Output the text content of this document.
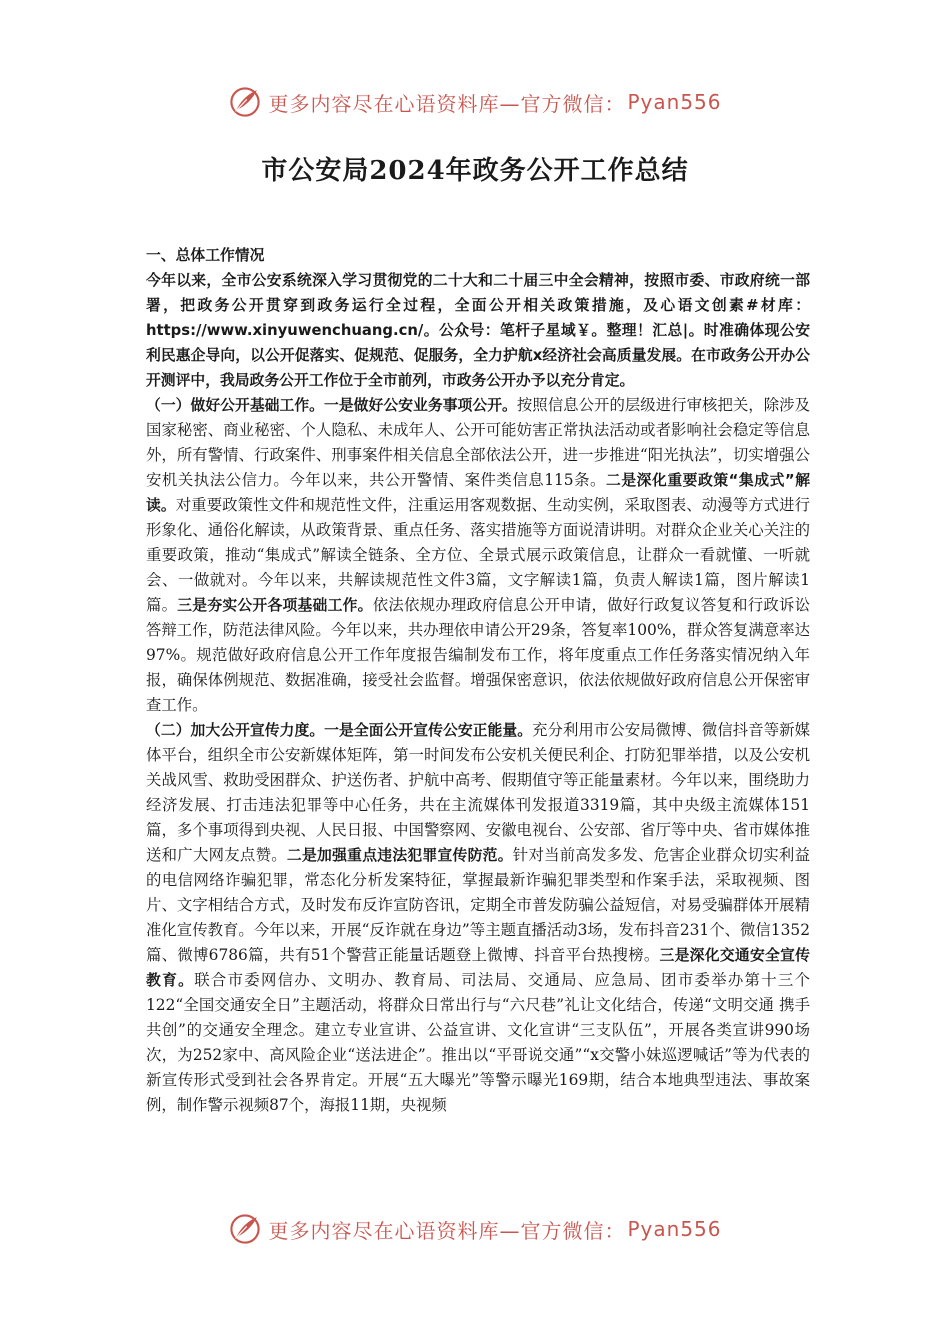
更多内容尽在心语资料库—官方微信： Pyan556
市公安局2024年政务公开工作总结

一、总体工作情况

今年以来，全市公安系统深入学习贯彻党的二十大和二十届三中全会精神，按照市委、市政府统一部署，把政务公开贯穿到政务运行全过程，全面公开相关政策措施，及心语文创素#材库：https://www.xinyuwenchuang.cn/。公众号：笔杆子星域￥。整理！汇总|。时准确体现公安利民惠企导向，以公开促落实、促规范、促服务，全力护航x经济社会高质量发展。在市政务公开办公开测评中，我局政务公开工作位于全市前列，市政务公开办予以充分肯定。

（一）做好公开基础工作。一是做好公安业务事项公开。按照信息公开的层级进行审核把关，除涉及国家秘密、商业秘密、个人隐私、未成年人、公开可能妨害正常执法活动或者影响社会稳定等信息外，所有警情、行政案件、刑事案件相关信息全部依法公开，进一步推进“阳光执法”，切实增强公安机关执法公信力。今年以来，共公开警情、案件类信息115条。二是深化重要政策“集成式”解读。对重要政策性文件和规范性文件，注重运用客观数据、生动实例，采取图表、动漫等方式进行形象化、通俗化解读，从政策背景、重点任务、落实措施等方面说清讲明。对群众企业关心关注的重要政策，推动“集成式”解读全链条、全方位、全景式展示政策信息，让群众一看就懂、一听就会、一做就对。今年以来，共解读规范性文件3篇，文字解读1篇，负责人解读1篇，图片解读1篇。三是夯实公开各项基础工作。依法依规办理政府信息公开申请，做好行政复议答复和行政诉讼答辩工作，防范法律风险。今年以来，共办理依申请公开29条，答复率100%，群众答复满意率达97%。规范做好政府信息公开工作年度报告编制发布工作，将年度重点工作任务落实情况纳入年报，确保体例规范、数据准确，接受社会监督。增强保密意识，依法依规做好政府信息公开保密审查工作。

（二）加大公开宣传力度。一是全面公开宣传公安正能量。充分利用市公安局微博、微信抖音等新媒体平台，组织全市公安新媒体矩阵，第一时间发布公安机关便民利企、打防犯罪举措，以及公安机关战风雪、救助受困群众、护送伤者、护航中高考、假期值守等正能量素材。今年以来，围绕助力经济发展、打击违法犯罪等中心任务，共在主流媒体刊发报道3319篇，其中央级主流媒体151篇，多个事项得到央视、人民日报、中国警察网、安徽电视台、公安部、省厅等中央、省市媒体推送和广大网友点赞。二是加强重点违法犯罪宣传防范。针对当前高发多发、危害企业群众切实利益的电信网络诈骗犯罪，常态化分析发案特征，掌握最新诈骗犯罪类型和作案手法，采取视频、图片、文字相结合方式，及时发布反诈宣防咨讯，定期全市普发防骗公益短信，对易受骗群体开展精准化宣传教育。今年以来，开展“反诈就在身边”等主题直播活动3场，发布抖音231个、微信1352篇、微博6786篇，共有51个警营正能量话题登上微博、抖音平台热搜榜。三是深化交通安全宣传教育。联合市委网信办、文明办、教育局、司法局、交通局、应急局、团市委举办第十三个122“全国交通安全日”主题活动，将群众日常出行与“六尺巷”礼让文化结合，传递“文明交通 携手共创”的交通安全理念。建立专业宣讲、公益宣讲、文化宣讲“三支队伍”，开展各类宣讲990场次，为252家中、高风险企业“送法进企”。推出以“平哥说交通”“x交警小妹巡逻喊话”等为代表的新宣传形式受到社会各界肯定。开展“五大曝光”等警示曝光169期，结合本地典型违法、事故案例，制作警示视频87个，海报11期，央视频

更多内容尽在心语资料库—官方微信： Pyan556
